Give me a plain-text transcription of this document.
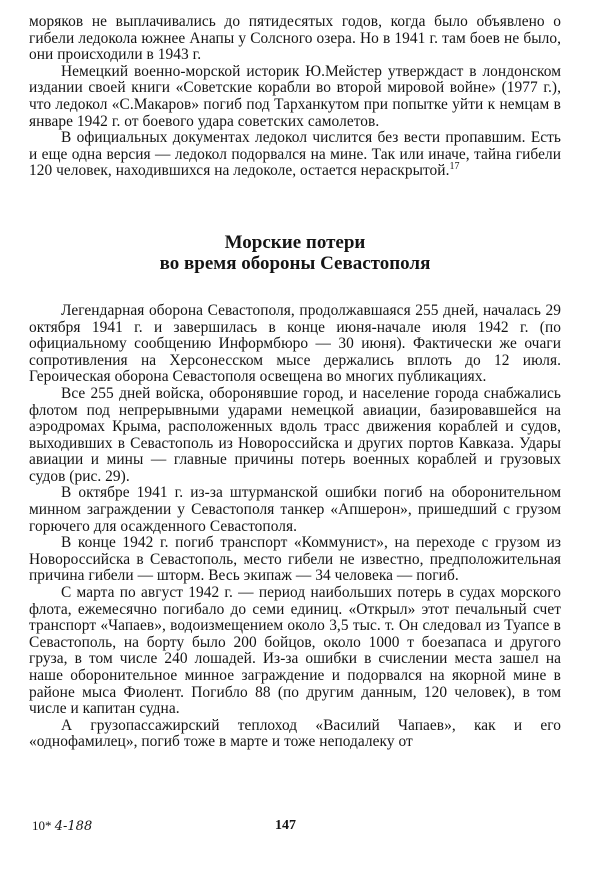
моряков не выплачивались до пятидесятых годов, когда было объявлено о гибели ледокола южнее Анапы у Солсного озера. Но в 1941 г. там боев не было, они происходили в 1943 г.

Немецкий военно-морской историк Ю.Мейстер утверждаст в лондонском издании своей книги «Советские корабли во второй мировой войне» (1977 г.), что ледокол «С.Макаров» погиб под Тарханкутом при попытке уйти к немцам в январе 1942 г. от боевого удара советских самолетов.

В официальных документах ледокол числится без вести пропавшим. Есть и еще одна версия — ледокол подорвался на мине. Так или иначе, тайна гибели 120 человек, находившихся на ледоколе, остается нераскрытой.$^{17}$

Морские потери
во время обороны Севастополя

Легендарная оборона Севастополя, продолжавшаяся 255 дней, началась 29 октября 1941 г. и завершилась в конце июня-начале июля 1942 г. (по официальному сообщению Информбюро — 30 июня). Фактически же очаги сопротивления на Херсонесском мысе держались вплоть до 12 июля. Героическая оборона Севастополя освещена во многих публикациях.

Все 255 дней войска, оборонявшие город, и население города снабжались флотом под непрерывными ударами немецкой авиации, базировавшейся на аэродромах Крыма, расположенных вдоль трасс движения кораблей и судов, выходивших в Севастополь из Новороссийска и других портов Кавказа. Удары авиации и мины — главные причины потерь военных кораблей и грузовых судов (рис. 29).

В октябре 1941 г. из-за штурманской ошибки погиб на оборонительном минном заграждении у Севастополя танкер «Апшерон», пришедший с грузом горючего для осажденного Севастополя.

В конце 1942 г. погиб транспорт «Коммунист», на переходе с грузом из Новороссийска в Севастополь, место гибели не известно, предположительная причина гибели — шторм. Весь экипаж — 34 человека — погиб.

С марта по август 1942 г. — период наибольших потерь в судах морского флота, ежемесячно погибало до семи единиц. «Открыл» этот печальный счет транспорт «Чапаев», водоизмещением около 3,5 тыс. т. Он следовал из Туапсе в Севастополь, на борту было 200 бойцов, около 1000 т боезапаса и другого груза, в том числе 240 лошадей. Из-за ошибки в счислении места зашел на наше оборонительное минное заграждение и подорвался на якорной мине в районе мыса Фиолент. Погибло 88 (по другим данным, 120 человек), в том числе и капитан судна.

А грузопассажирский теплоход «Василий Чапаев», как и его «однофамилец», погиб тоже в марте и тоже неподалеку от

10* 4-188	147
